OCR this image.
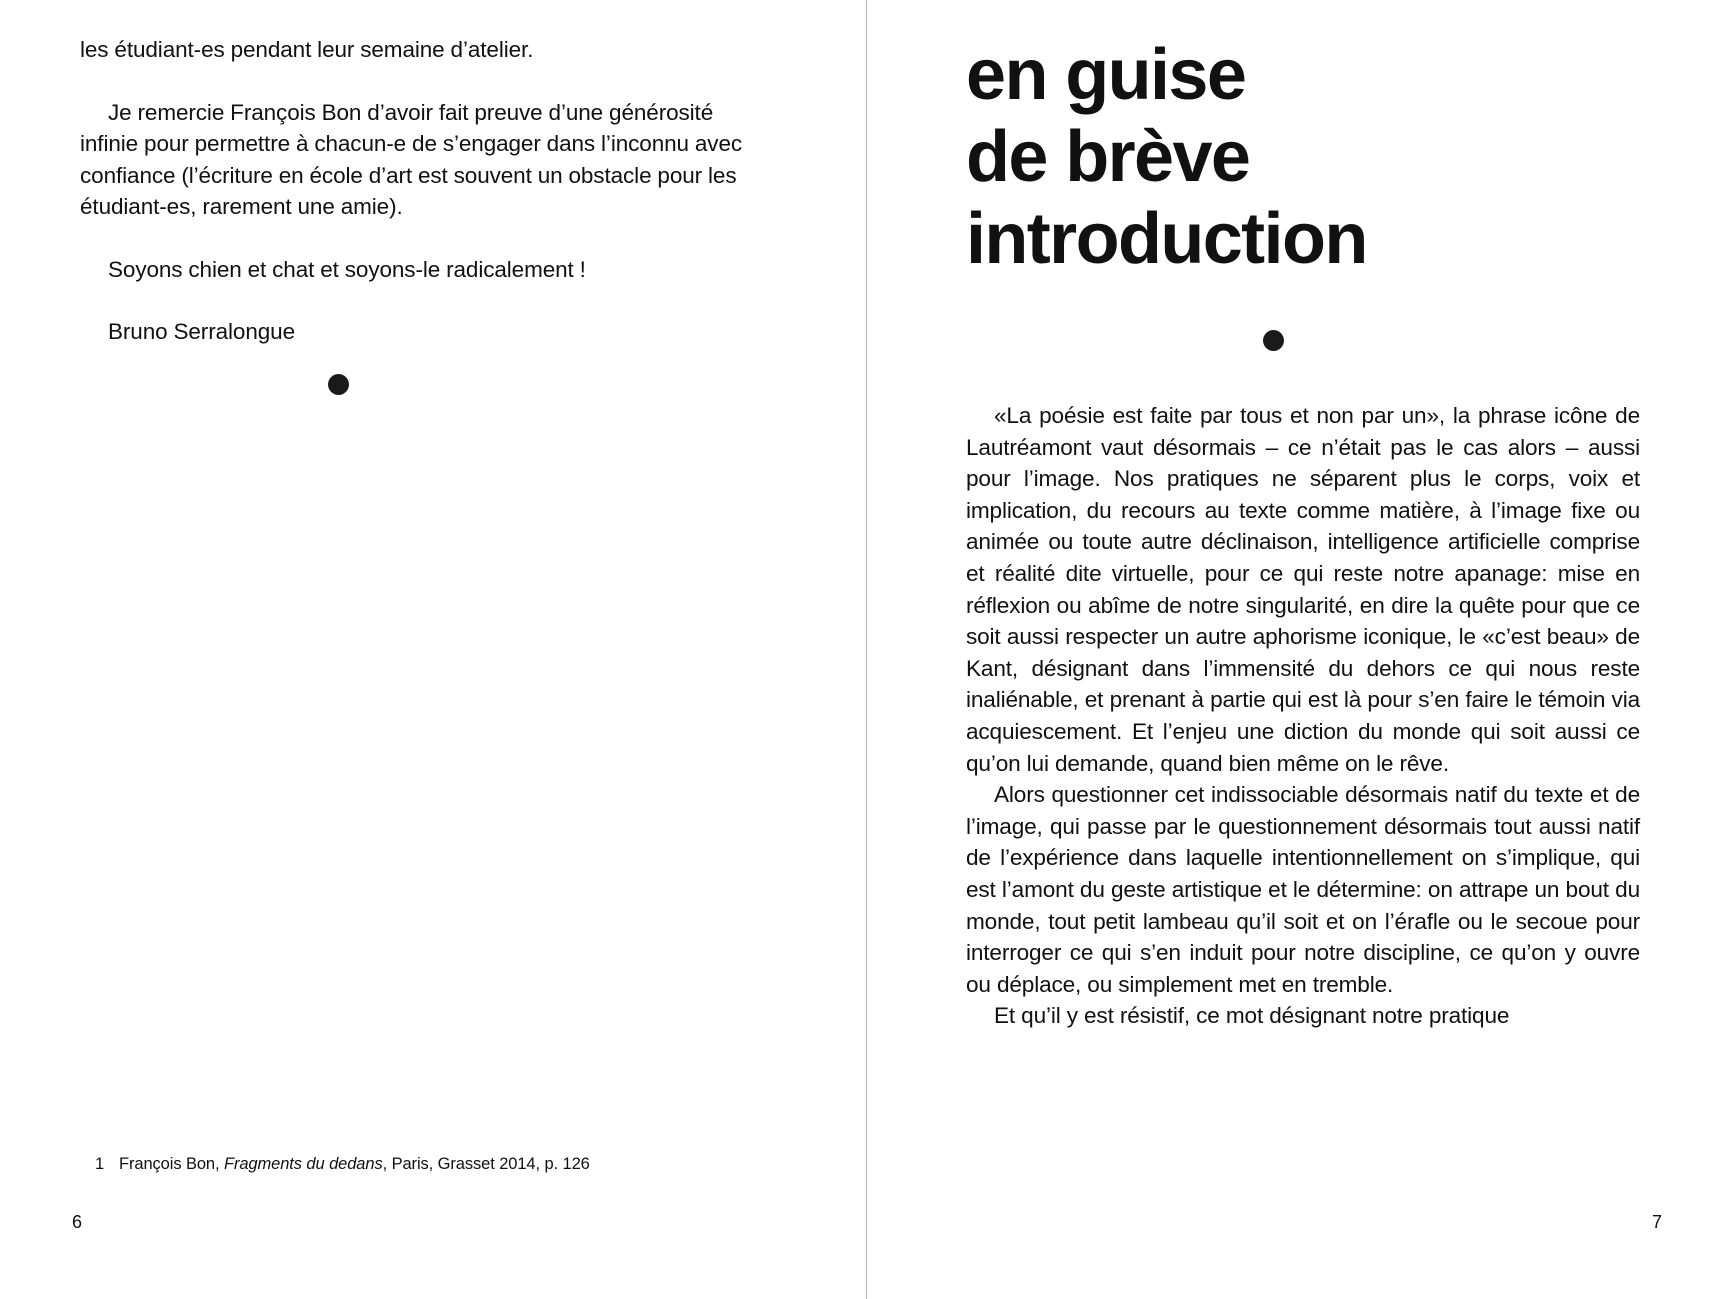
les étudiant-es pendant leur semaine d’atelier.

Je remercie François Bon d’avoir fait preuve d’une générosité infinie pour permettre à chacun-e de s’engager dans l’inconnu avec confiance (l’écriture en école d’art est souvent un obstacle pour les étudiant-es, rarement une amie).

Soyons chien et chat et soyons-le radicalement !

Bruno Serralongue

1 François Bon, Fragments du dedans, Paris, Grasset 2014, p. 126
6
en guise
de brève
introduction

«La poésie est faite par tous et non par un», la phrase icône de Lautréamont vaut désormais – ce n’était pas le cas alors – aussi pour l’image. Nos pratiques ne séparent plus le corps, voix et implication, du recours au texte comme matière, à l’image fixe ou animée ou toute autre déclinaison, intelligence artificielle comprise et réalité dite virtuelle, pour ce qui reste notre apanage: mise en réflexion ou abîme de notre singularité, en dire la quête pour que ce soit aussi respecter un autre aphorisme iconique, le «c’est beau» de Kant, désignant dans l’immensité du dehors ce qui nous reste inaliénable, et prenant à partie qui est là pour s’en faire le témoin via acquiescement. Et l’enjeu une diction du monde qui soit aussi ce qu’on lui demande, quand bien même on le rêve.

Alors questionner cet indissociable désormais natif du texte et de l’image, qui passe par le questionnement désormais tout aussi natif de l’expérience dans laquelle intentionnellement on s’implique, qui est l’amont du geste artistique et le détermine: on attrape un bout du monde, tout petit lambeau qu’il soit et on l’érafle ou le secoue pour interroger ce qui s’en induit pour notre discipline, ce qu’on y ouvre ou déplace, ou simplement met en tremble.

Et qu’il y est résistif, ce mot désignant notre pratique

7
